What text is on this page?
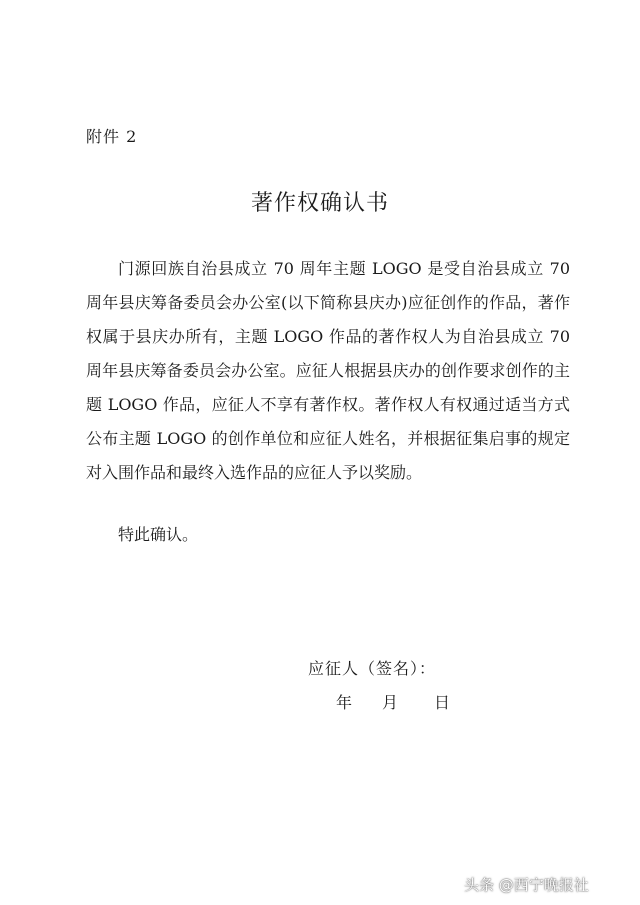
附件 2
著作权确认书

门源回族自治县成立 70 周年主题 LOGO 是受自治县成立 70 周年县庆筹备委员会办公室(以下简称县庆办)应征创作的作品，著作权属于县庆办所有，主题 LOGO 作品的著作权人为自治县成立 70 周年县庆筹备委员会办公室。应征人根据县庆办的创作要求创作的主题 LOGO 作品，应征人不享有著作权。著作权人有权通过适当方式公布主题 LOGO 的创作单位和应征人姓名，并根据征集启事的规定对入围作品和最终入选作品的应征人予以奖励。

特此确认。
应征人（签名）：
年 月 日
头条 @西宁晚报社
